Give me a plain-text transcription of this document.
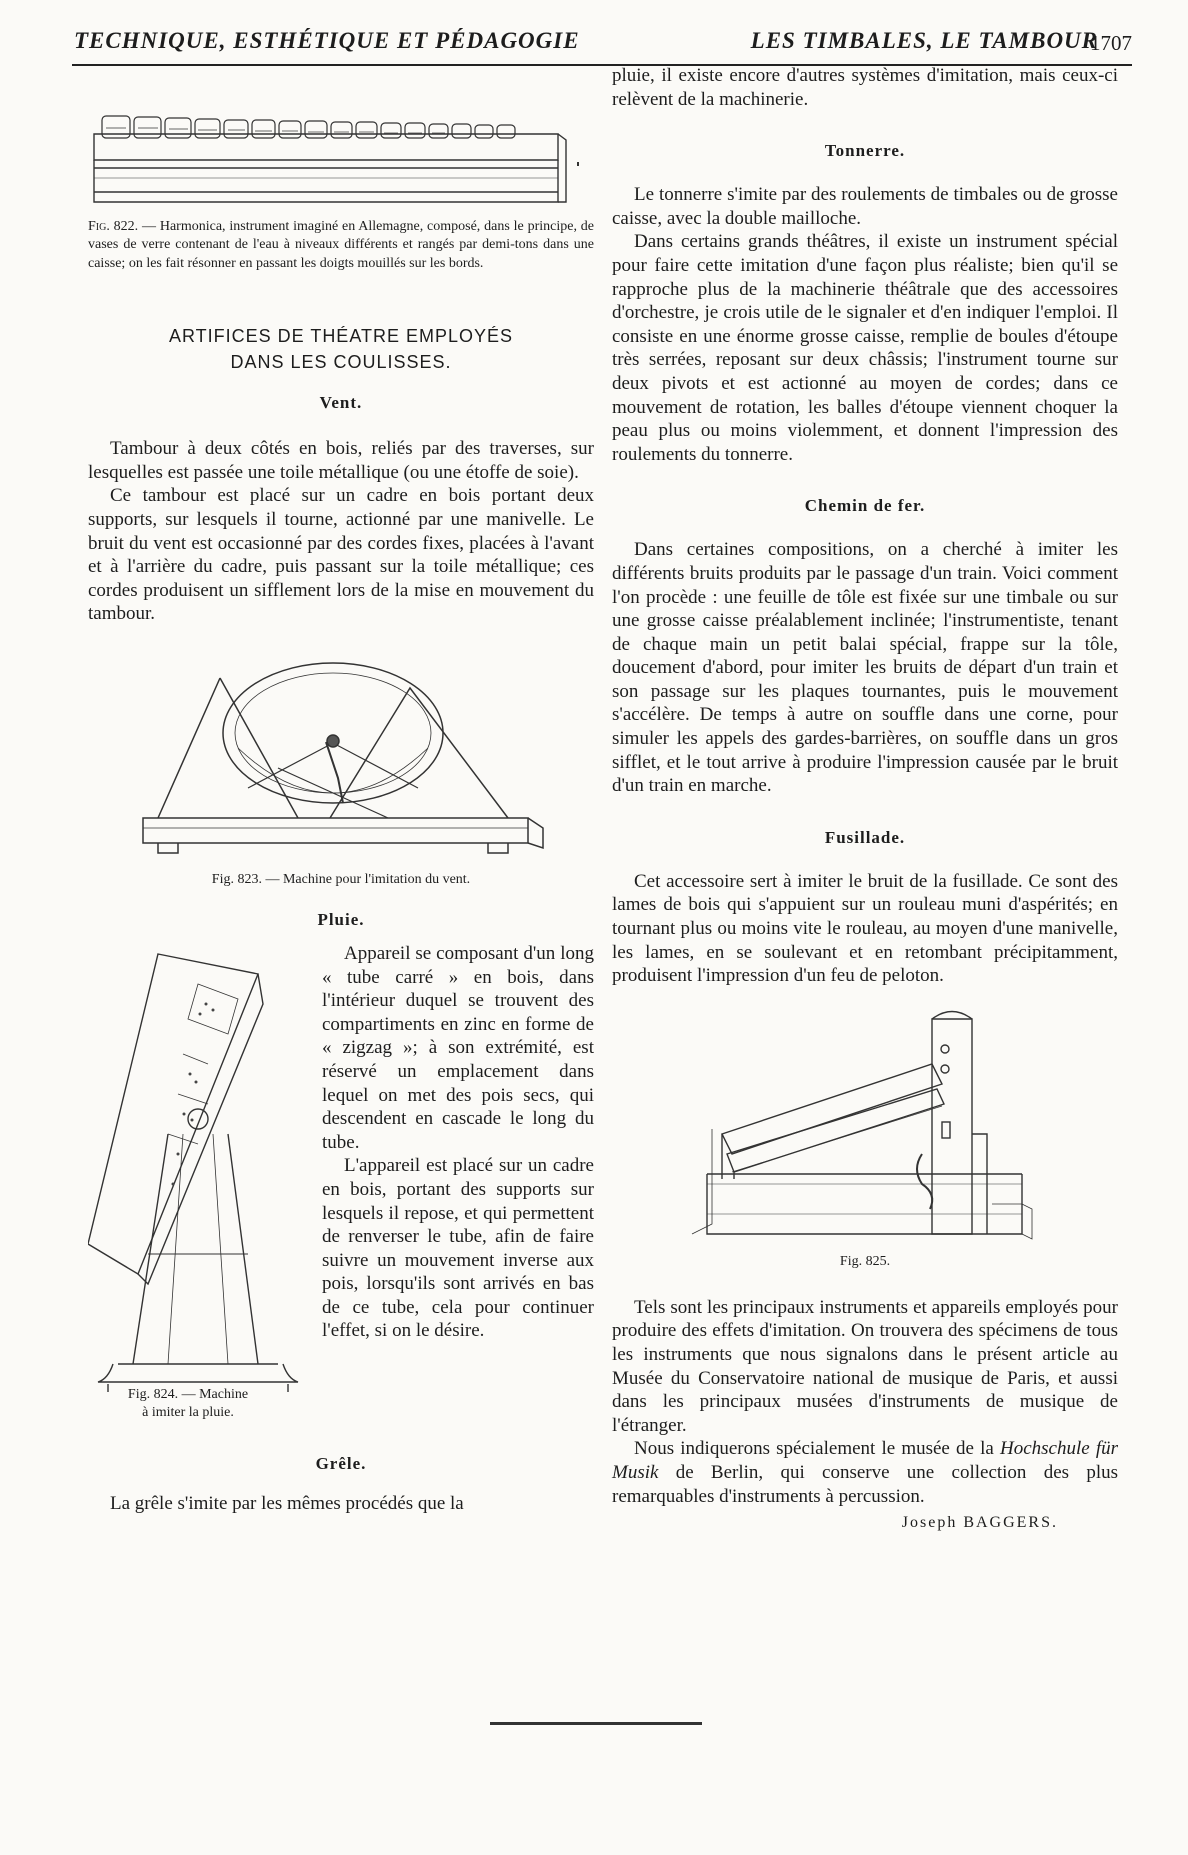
TECHNIQUE, ESTHÉTIQUE ET PÉDAGOGIE	LES TIMBALES, LE TAMBOUR
1707

Fig. 822. — Harmonica, instrument imaginé en Allemagne, composé, dans le principe, de vases de verre contenant de l'eau à niveaux différents et rangés par demi-tons dans une caisse; on les fait résonner en passant les doigts mouillés sur les bords.

ARTIFICES DE THÉATRE EMPLOYÉS

DANS LES COULISSES.

Vent.

Tambour à deux côtés en bois, reliés par des traverses, sur lesquelles est passée une toile métallique (ou une étoffe de soie).

Ce tambour est placé sur un cadre en bois portant deux supports, sur lesquels il tourne, actionné par une manivelle. Le bruit du vent est occasionné par des cordes fixes, placées à l'avant et à l'arrière du cadre, puis passant sur la toile métallique; ces cordes produisent un sifflement lors de la mise en mouvement du tambour.

Fig. 823. — Machine pour l'imitation du vent.

Pluie.

Fig. 824. — Machine
à imiter la pluie.

Appareil se composant d'un long « tube carré » en bois, dans l'intérieur duquel se trouvent des compartiments en zinc en forme de « zigzag »; à son extrémité, est réservé un emplacement dans lequel on met des pois secs, qui descendent en cascade le long du tube.

L'appareil est placé sur un cadre en bois, portant des supports sur lesquels il repose, et qui permettent de renverser le tube, afin de faire suivre un mouvement inverse aux pois, lorsqu'ils sont arrivés en bas de ce tube, cela pour continuer l'effet, si on le désire.

Grêle.

La grêle s'imite par les mêmes procédés que la

pluie, il existe encore d'autres systèmes d'imitation, mais ceux-ci relèvent de la machinerie.

Tonnerre.

Le tonnerre s'imite par des roulements de timbales ou de grosse caisse, avec la double mailloche.

Dans certains grands théâtres, il existe un instrument spécial pour faire cette imitation d'une façon plus réaliste; bien qu'il se rapproche plus de la machinerie théâtrale que des accessoires d'orchestre, je crois utile de le signaler et d'en indiquer l'emploi. Il consiste en une énorme grosse caisse, remplie de boules d'étoupe très serrées, reposant sur deux châssis; l'instrument tourne sur deux pivots et est actionné au moyen de cordes; dans ce mouvement de rotation, les balles d'étoupe viennent choquer la peau plus ou moins violemment, et donnent l'impression des roulements du tonnerre.

Chemin de fer.

Dans certaines compositions, on a cherché à imiter les différents bruits produits par le passage d'un train. Voici comment l'on procède : une feuille de tôle est fixée sur une timbale ou sur une grosse caisse préalablement inclinée; l'instrumentiste, tenant de chaque main un petit balai spécial, frappe sur la tôle, doucement d'abord, pour imiter les bruits de départ d'un train et son passage sur les plaques tournantes, puis le mouvement s'accélère. De temps à autre on souffle dans une corne, pour simuler les appels des gardes-barrières, on souffle dans un gros sifflet, et le tout arrive à produire l'impression causée par le bruit d'un train en marche.

Fusillade.

Cet accessoire sert à imiter le bruit de la fusillade. Ce sont des lames de bois qui s'appuient sur un rouleau muni d'aspérités; en tournant plus ou moins vite le rouleau, au moyen d'une manivelle, les lames, en se soulevant et en retombant précipitamment, produisent l'impression d'un feu de peloton.

Fig. 825.

Tels sont les principaux instruments et appareils employés pour produire des effets d'imitation. On trouvera des spécimens de tous les instruments que nous signalons dans le présent article au Musée du Conservatoire national de musique de Paris, et aussi dans les principaux musées d'instruments de musique de l'étranger.

Nous indiquerons spécialement le musée de la Hochschule für Musik de Berlin, qui conserve une collection des plus remarquables d'instruments à percussion.

Joseph BAGGERS.
